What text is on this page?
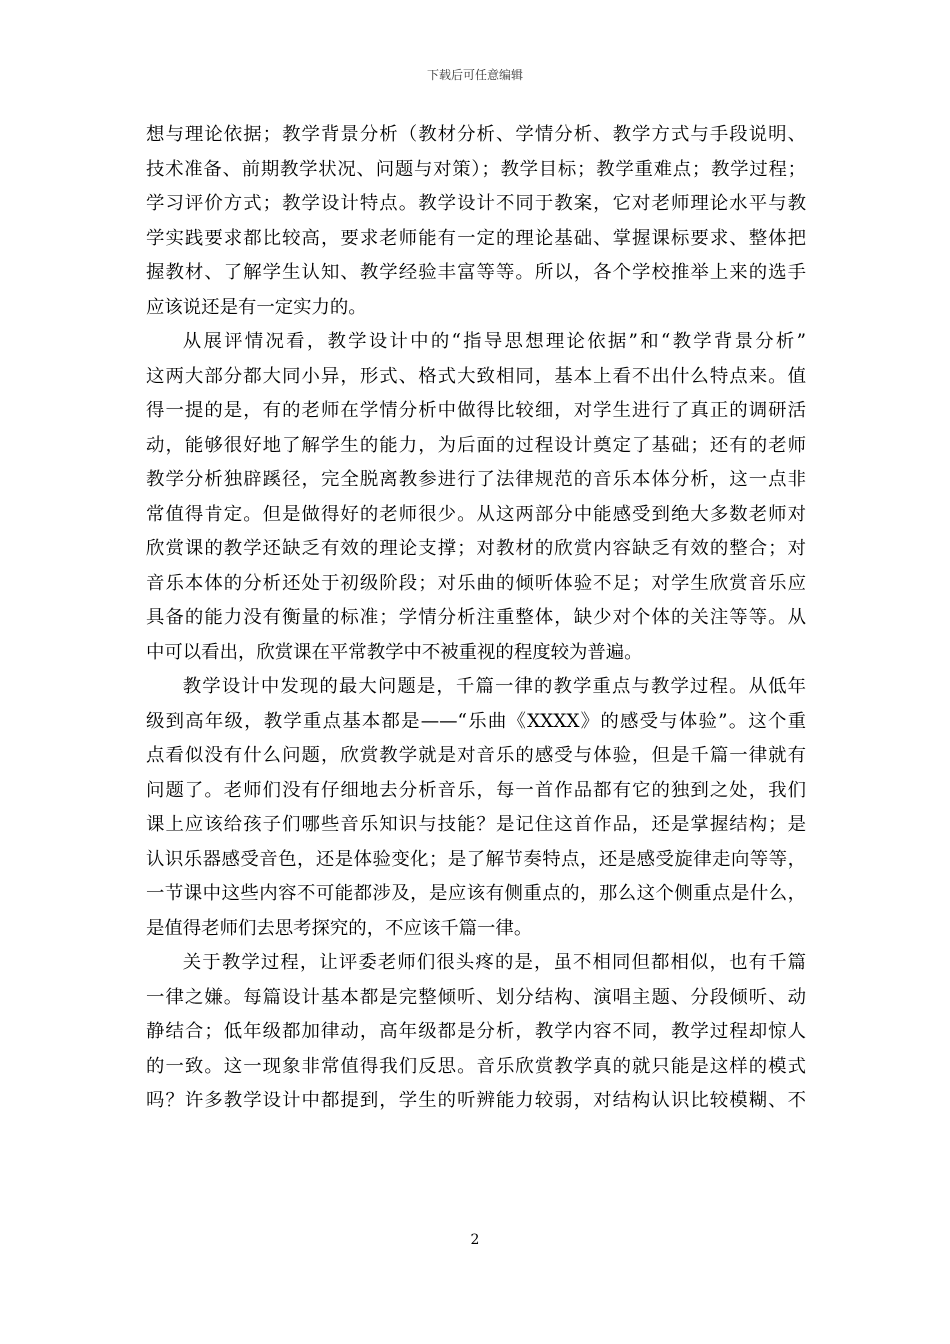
下载后可任意编辑
想与理论依据；教学背景分析（教材分析、学情分析、教学方式与手段说明、
技术准备、前期教学状况、问题与对策）；教学目标；教学重难点；教学过程；
学习评价方式；教学设计特点。教学设计不同于教案，它对老师理论水平与教
学实践要求都比较高，要求老师能有一定的理论基础、掌握课标要求、整体把
握教材、了解学生认知、教学经验丰富等等。所以，各个学校推举上来的选手
应该说还是有一定实力的。
从展评情况看，教学设计中的“指导思想理论依据”和“教学背景分析”
这两大部分都大同小异，形式、格式大致相同，基本上看不出什么特点来。值
得一提的是，有的老师在学情分析中做得比较细，对学生进行了真正的调研活
动，能够很好地了解学生的能力，为后面的过程设计奠定了基础；还有的老师
教学分析独辟蹊径，完全脱离教参进行了法律规范的音乐本体分析，这一点非
常值得肯定。但是做得好的老师很少。从这两部分中能感受到绝大多数老师对
欣赏课的教学还缺乏有效的理论支撑；对教材的欣赏内容缺乏有效的整合；对
音乐本体的分析还处于初级阶段；对乐曲的倾听体验不足；对学生欣赏音乐应
具备的能力没有衡量的标准；学情分析注重整体，缺少对个体的关注等等。从
中可以看出，欣赏课在平常教学中不被重视的程度较为普遍。
教学设计中发现的最大问题是，千篇一律的教学重点与教学过程。从低年
级到高年级，教学重点基本都是——“乐曲《XXXX》的感受与体验”。这个重
点看似没有什么问题，欣赏教学就是对音乐的感受与体验，但是千篇一律就有
问题了。老师们没有仔细地去分析音乐，每一首作品都有它的独到之处，我们
课上应该给孩子们哪些音乐知识与技能？是记住这首作品，还是掌握结构；是
认识乐器感受音色，还是体验变化；是了解节奏特点，还是感受旋律走向等等，
一节课中这些内容不可能都涉及，是应该有侧重点的，那么这个侧重点是什么，
是值得老师们去思考探究的，不应该千篇一律。
关于教学过程，让评委老师们很头疼的是，虽不相同但都相似，也有千篇
一律之嫌。每篇设计基本都是完整倾听、划分结构、演唱主题、分段倾听、动
静结合；低年级都加律动，高年级都是分析，教学内容不同，教学过程却惊人
的一致。这一现象非常值得我们反思。音乐欣赏教学真的就只能是这样的模式
吗？许多教学设计中都提到，学生的听辨能力较弱，对结构认识比较模糊、不
2
